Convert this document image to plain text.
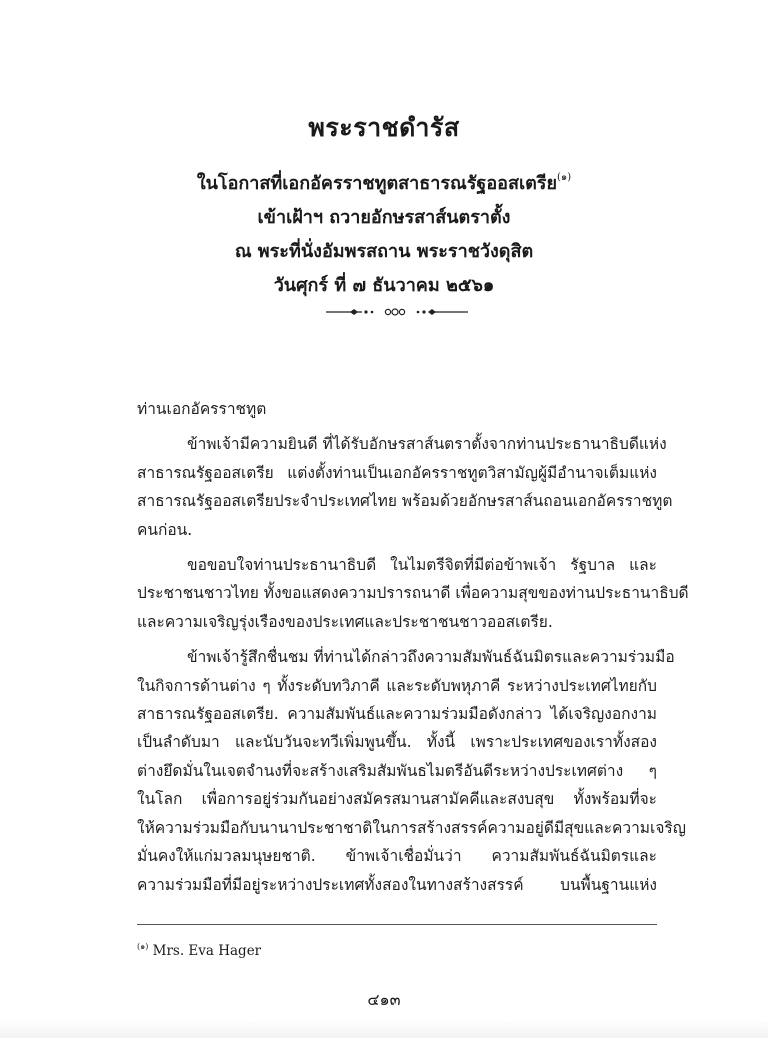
พระราชดำรัส
ในโอกาสที่เอกอัครราชทูตสาธารณรัฐออสเตรีย$^{(๑)}$
เข้าเฝ้าฯ ถวายอักษรสาส์นตราตั้ง
ณ พระที่นั่งอัมพรสถาน พระราชวังดุสิต
วันศุกร์ ที่ ๗ ธันวาคม ๒๕๖๑
ท่านเอกอัครราชทูต
ข้าพเจ้ามีความยินดี ที่ได้รับอักษรสาส์นตราตั้งจากท่านประธานาธิบดีแห่ง
สาธารณรัฐออสเตรีย แต่งตั้งท่านเป็นเอกอัครราชทูตวิสามัญผู้มีอำนาจเต็มแห่ง
สาธารณรัฐออสเตรียประจำประเทศไทย พร้อมด้วยอักษรสาส์นถอนเอกอัครราชทูต
คนก่อน.
ขอขอบใจท่านประธานาธิบดี ในไมตรีจิตที่มีต่อข้าพเจ้า รัฐบาล และ
ประชาชนชาวไทย ทั้งขอแสดงความปรารถนาดี เพื่อความสุขของท่านประธานาธิบดี
และความเจริญรุ่งเรืองของประเทศและประชาชนชาวออสเตรีย.
ข้าพเจ้ารู้สึกชื่นชม ที่ท่านได้กล่าวถึงความสัมพันธ์ฉันมิตรและความร่วมมือ
ในกิจการด้านต่าง ๆ ทั้งระดับทวิภาคี และระดับพหุภาคี ระหว่างประเทศไทยกับ
สาธารณรัฐออสเตรีย. ความสัมพันธ์และความร่วมมือดังกล่าว ได้เจริญงอกงาม
เป็นลำดับมา และนับวันจะทวีเพิ่มพูนขึ้น. ทั้งนี้ เพราะประเทศของเราทั้งสอง
ต่างยึดมั่นในเจตจำนงที่จะสร้างเสริมสัมพันธไมตรีอันดีระหว่างประเทศต่าง ๆ
ในโลก เพื่อการอยู่ร่วมกันอย่างสมัครสมานสามัคคีและสงบสุข ทั้งพร้อมที่จะ
ให้ความร่วมมือกับนานาประชาชาติในการสร้างสรรค์ความอยู่ดีมีสุขและความเจริญ
มั่นคงให้แก่มวลมนุษยชาติ. ข้าพเจ้าเชื่อมั่นว่า ความสัมพันธ์ฉันมิตรและ
ความร่วมมือที่มีอยู่ระหว่างประเทศทั้งสองในทางสร้างสรรค์ บนพื้นฐานแห่ง
$^{(๑)}$ Mrs. Eva Hager
๔๑๓
